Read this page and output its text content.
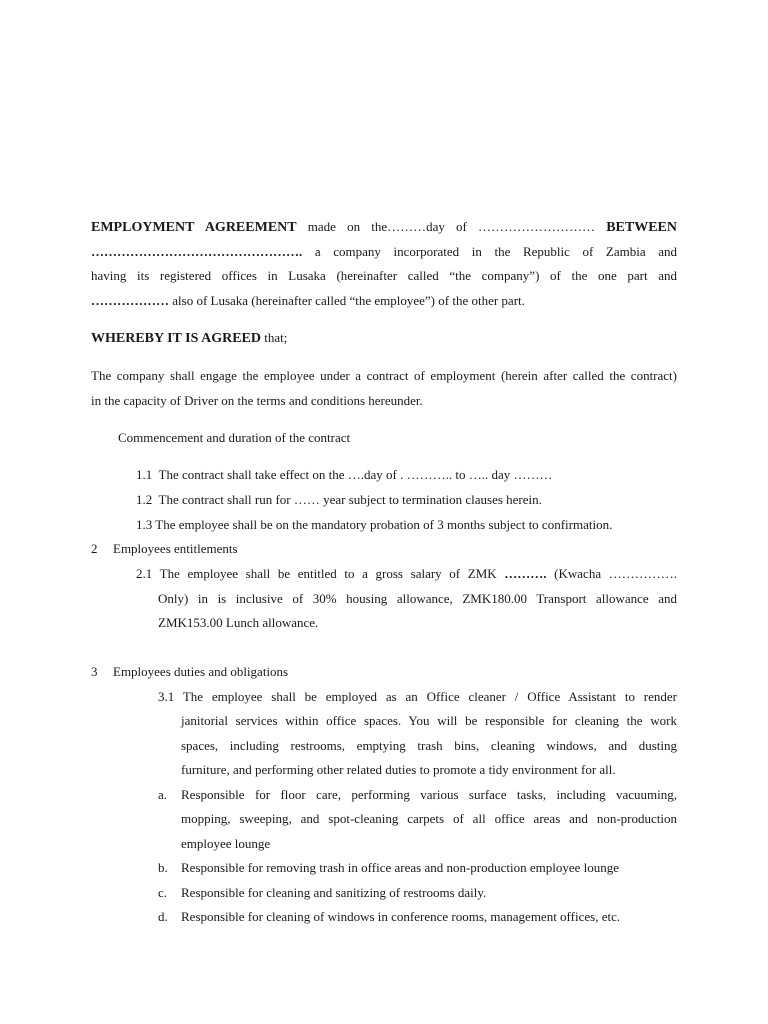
EMPLOYMENT AGREEMENT made on the………day of ……………………… BETWEEN
…………………………………………. a company incorporated in the Republic of Zambia and
having its registered offices in Lusaka (hereinafter called “the company”) of the one part and
……………… also of Lusaka (hereinafter called “the employee”) of the other part.
WHEREBY IT IS AGREED that;
The company shall engage the employee under a contract of employment (herein after called the contract)
in the capacity of Driver on the terms and conditions hereunder.
Commencement and duration of the contract
1.1 The contract shall take effect on the ….day of . ……….. to ….. day ………
1.2 The contract shall run for …… year subject to termination clauses herein.
1.3 The employee shall be on the mandatory probation of 3 months subject to confirmation.
2 Employees entitlements
2.1 The employee shall be entitled to a gross salary of ZMK ………. (Kwacha …………….
Only) in is inclusive of 30% housing allowance, ZMK180.00 Transport allowance and
ZMK153.00 Lunch allowance.
3 Employees duties and obligations
3.1 The employee shall be employed as an Office cleaner / Office Assistant to render
janitorial services within office spaces. You will be responsible for cleaning the work
spaces, including restrooms, emptying trash bins, cleaning windows, and dusting
furniture, and performing other related duties to promote a tidy environment for all.
a. Responsible for floor care, performing various surface tasks, including vacuuming,
mopping, sweeping, and spot-cleaning carpets of all office areas and non-production
employee lounge
b. Responsible for removing trash in office areas and non-production employee lounge
c. Responsible for cleaning and sanitizing of restrooms daily.
d. Responsible for cleaning of windows in conference rooms, management offices, etc.
